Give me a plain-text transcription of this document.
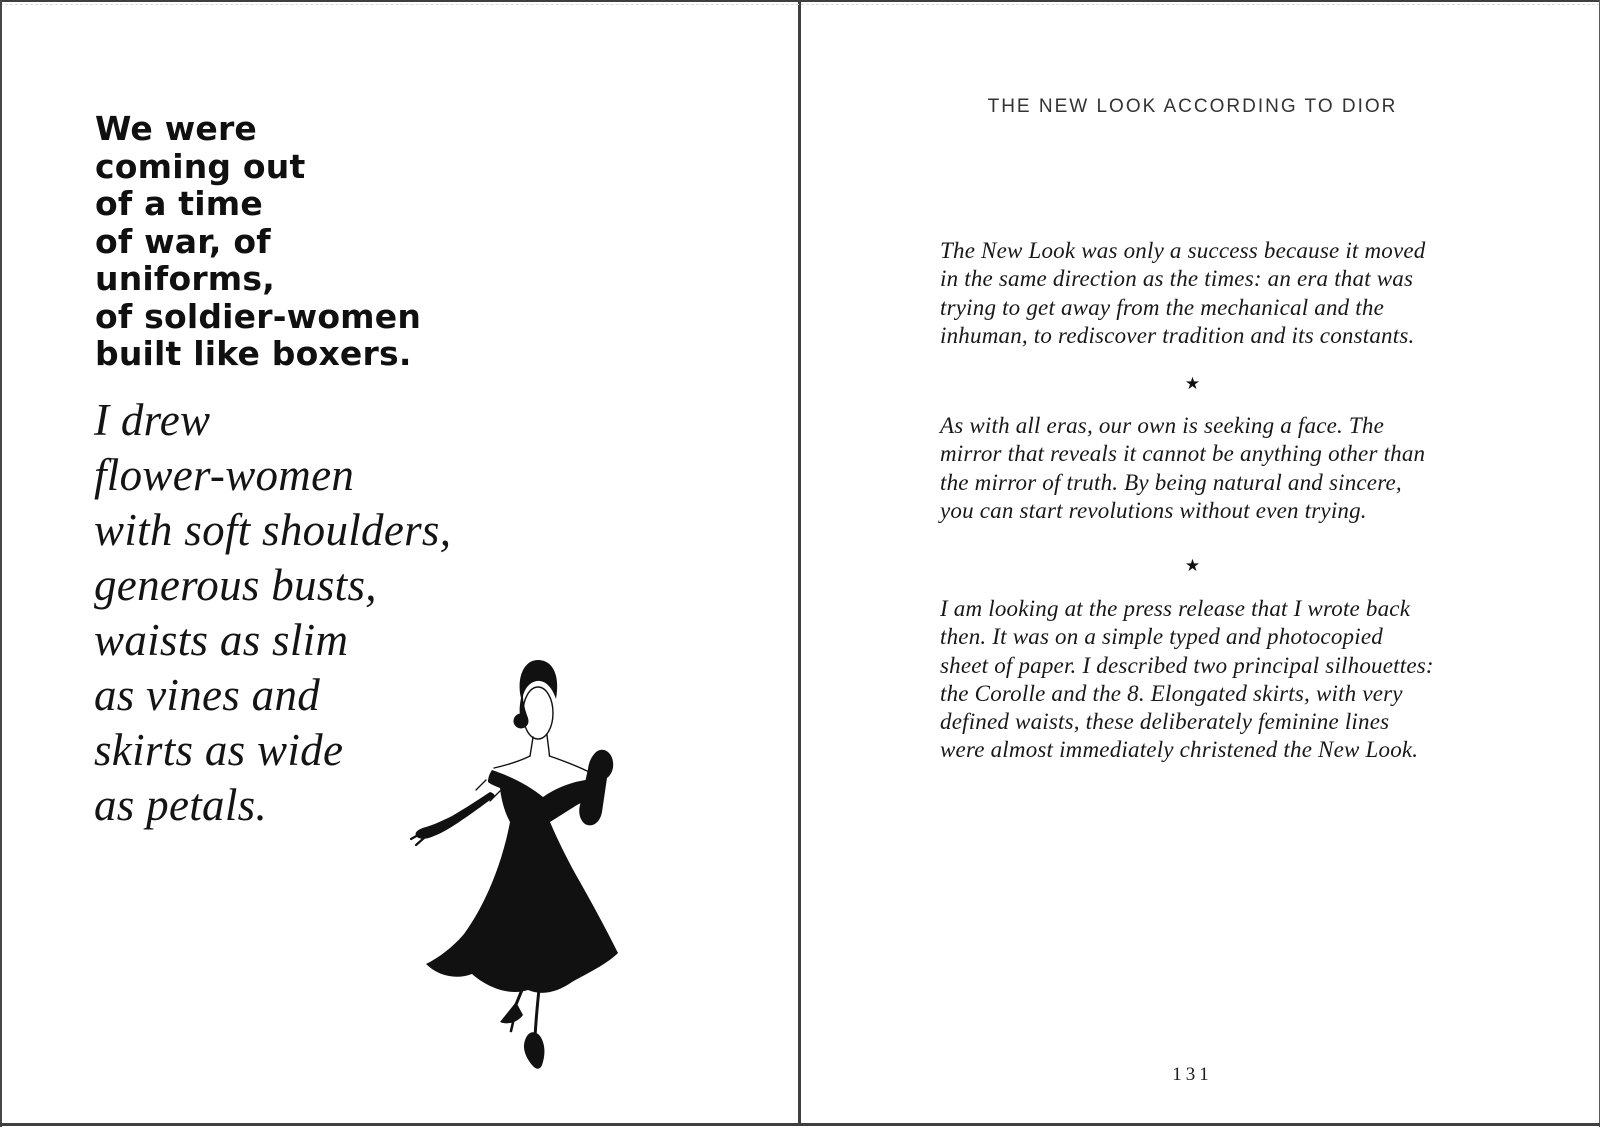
We were
coming out
of a time
of war, of
uniforms,
of soldier-women
built like boxers.
I drew
flower-women
with soft shoulders,
generous busts,
waists as slim
as vines and
skirts as wide
as petals.
THE NEW LOOK ACCORDING TO DIOR
The New Look was only a success because it moved
in the same direction as the times: an era that was
trying to get away from the mechanical and the
inhuman, to rediscover tradition and its constants.
★
As with all eras, our own is seeking a face. The
mirror that reveals it cannot be anything other than
the mirror of truth. By being natural and sincere,
you can start revolutions without even trying.
★
I am looking at the press release that I wrote back
then. It was on a simple typed and photocopied
sheet of paper. I described two principal silhouettes:
the Corolle and the 8. Elongated skirts, with very
defined waists, these deliberately feminine lines
were almost immediately christened the New Look.
131
